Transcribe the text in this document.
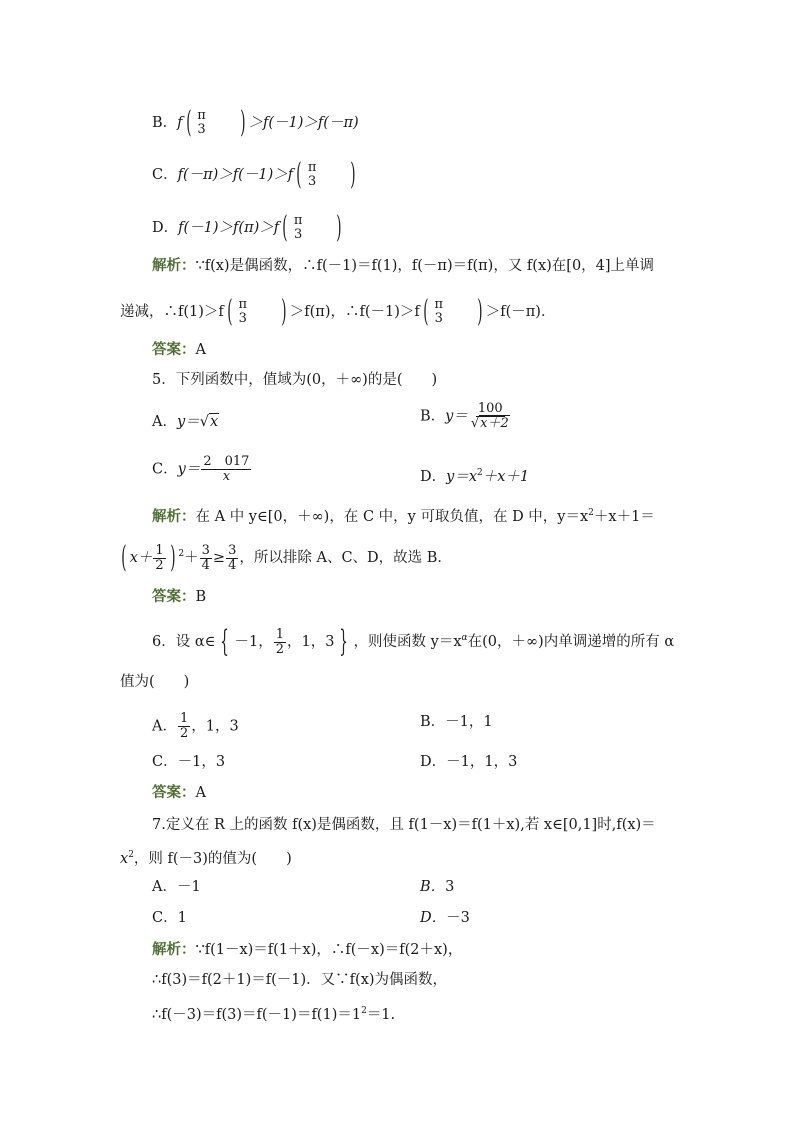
B．f ( π
3 ) ＞f(－1)＞f(－π)
C．f(－π)＞f(－1)＞f ( π
3 )
D．f(－1)＞f(π)＞f ( π
3 )
解析：∵f(x)是偶函数，∴f(－1)＝f(1)，f(－π)＝f(π)，又 f(x)在[0，4]上单调
递减，∴f(1)＞f ( π
3 ) ＞f(π)，∴f(－1)＞f ( π
3 ) ＞f(－π)．
答案：A
5．下列函数中，值域为(0，＋∞)的是(　　)
A．y＝√x	B．$y= \frac{100}{√x+2}$
C．$y= \frac{2 017}{x}$	D．$y=x^2+x+1$
解析：在 A 中 y∈[0，＋∞)，在 C 中，y 可取负值，在 D 中，$y=x^2+x+1=$
( $x+ \frac{1}{2}$ ) $^2+ \frac{3}{4} \ge \frac{3}{4}$ ，所以排除 A、C、D，故选 B．
答案：B
6．设 α∈ { －1， $\frac{1}{2}$ ，1，3 } ，则使函数 $y=x^\alpha$在(0，＋∞)内单调递增的所有 α
值为(　　)
A． $\frac{1}{2}$ ，1，3	B．－1，1
C．－1，3	D．－1，1，3
答案：A
7.定义在 R 上的函数 f(x)是偶函数，且 f(1－x)＝f(1＋x),若 x∈[0,1]时,f(x)＝
$x^2$，则 f(－3)的值为(　　)
A．－1	B．3
C．1	D．－3
解析：∵f(1－x)＝f(1＋x)，∴f(－x)＝f(2＋x)，
∴f(3)＝f(2＋1)＝f(－1)．又∵f(x)为偶函数，
$\therefore f(-3)=f(3)=f(-1)=f(1)=1^2=1$.
